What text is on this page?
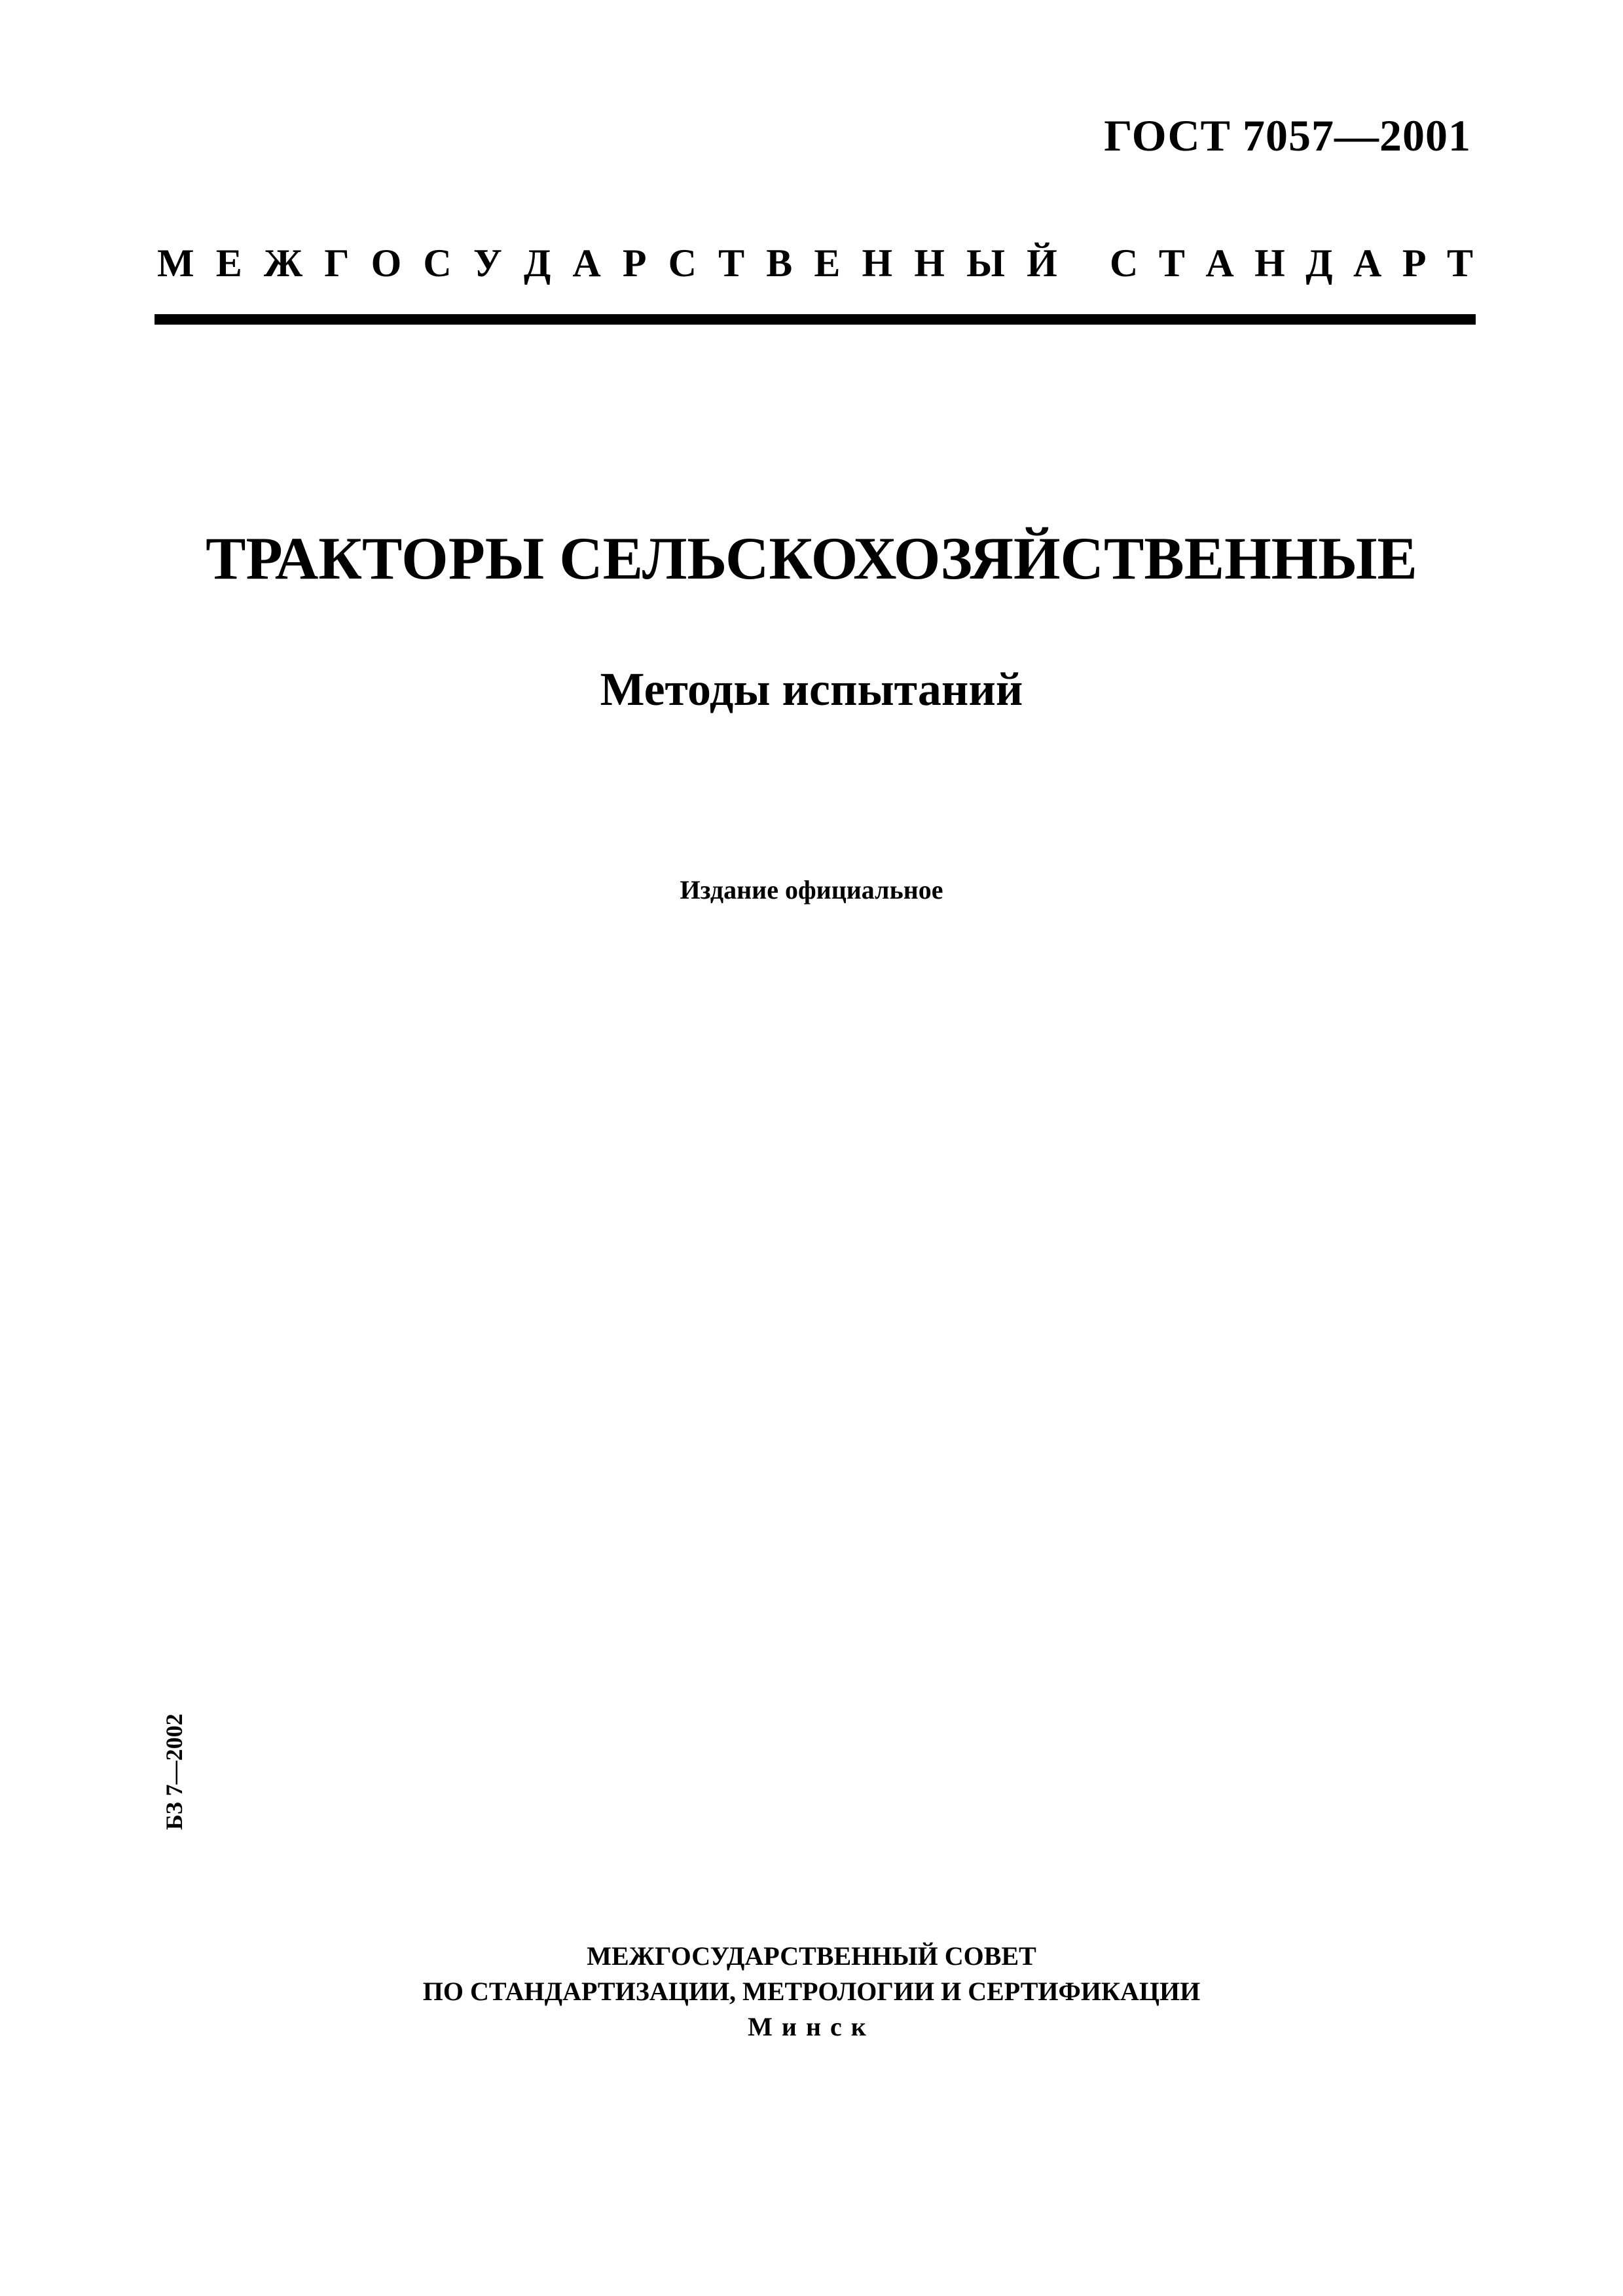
ГОСТ 7057—2001
М Е Ж Г О С У Д А Р С Т В Е Н Н Ы Й С Т А Н Д А Р Т
ТРАКТОРЫ СЕЛЬСКОХОЗЯЙСТВЕННЫЕ
Методы испытаний
Издание официальное
БЗ 7—2002
МЕЖГОСУДАРСТВЕННЫЙ СОВЕТ
ПО СТАНДАРТИЗАЦИИ, МЕТРОЛОГИИ И СЕРТИФИКАЦИИ
Минск
